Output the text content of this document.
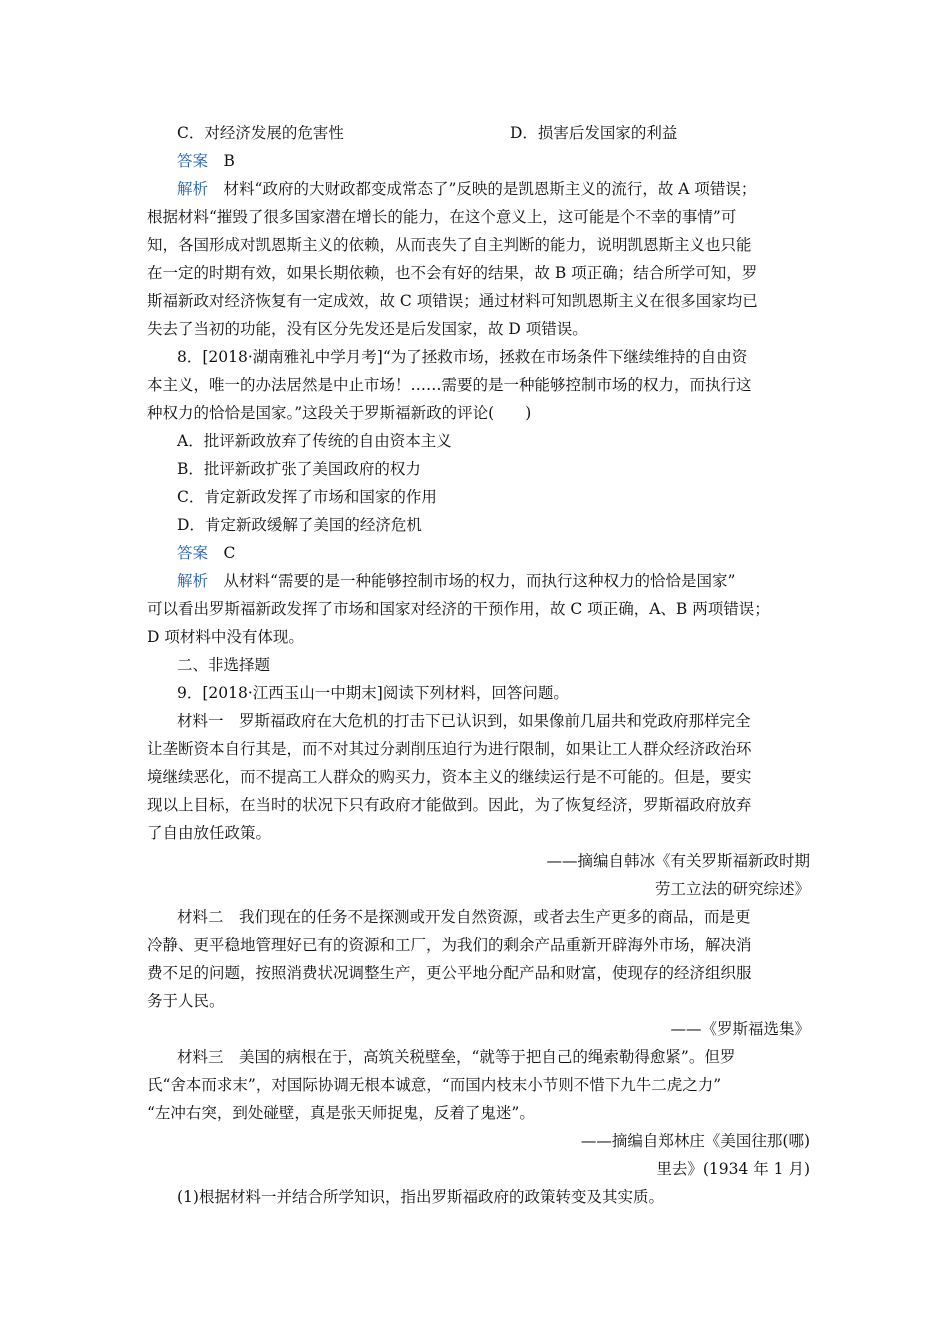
C．对经济发展的危害性	D．损害后发国家的利益
答案　 B
解析　 材料“政府的大财政都变成常态了”反映的是凯恩斯主义的流行，故 A 项错误；
根据材料“摧毁了很多国家潜在增长的能力，在这个意义上，这可能是个不幸的事情”可
知，各国形成对凯恩斯主义的依赖，从而丧失了自主判断的能力，说明凯恩斯主义也只能
在一定的时期有效，如果长期依赖，也不会有好的结果，故 B 项正确；结合所学可知，罗
斯福新政对经济恢复有一定成效，故 C 项错误；通过材料可知凯恩斯主义在很多国家均已
失去了当初的功能，没有区分先发还是后发国家，故 D 项错误。
8．[2018·湖南雅礼中学月考]“为了拯救市场，拯救在市场条件下继续维持的自由资
本主义，唯一的办法居然是中止市场！……需要的是一种能够控制市场的权力，而执行这
种权力的恰恰是国家。”这段关于罗斯福新政的评论(　　)
A．批评新政放弃了传统的自由资本主义
B．批评新政扩张了美国政府的权力
C．肯定新政发挥了市场和国家的作用
D．肯定新政缓解了美国的经济危机
答案　 C
解析　 从材料“需要的是一种能够控制市场的权力，而执行这种权力的恰恰是国家”
可以看出罗斯福新政发挥了市场和国家对经济的干预作用，故 C 项正确，A、B 两项错误；
D 项材料中没有体现。
二、非选择题
9．[2018·江西玉山一中期末]阅读下列材料，回答问题。
材料一　罗斯福政府在大危机的打击下已认识到，如果像前几届共和党政府那样完全
让垄断资本自行其是，而不对其过分剥削压迫行为进行限制，如果让工人群众经济政治环
境继续恶化，而不提高工人群众的购买力，资本主义的继续运行是不可能的。但是，要实
现以上目标，在当时的状况下只有政府才能做到。因此，为了恢复经济，罗斯福政府放弃
了自由放任政策。
——摘编自韩冰《有关罗斯福新政时期
劳工立法的研究综述》
材料二　我们现在的任务不是探测或开发自然资源，或者去生产更多的商品，而是更
冷静、更平稳地管理好已有的资源和工厂，为我们的剩余产品重新开辟海外市场，解决消
费不足的问题，按照消费状况调整生产，更公平地分配产品和财富，使现存的经济组织服
务于人民。
——《罗斯福选集》
材料三　美国的病根在于，高筑关税壁垒，“就等于把自己的绳索勒得愈紧”。但罗
氏“舍本而求末”，对国际协调无根本诚意，“而国内枝末小节则不惜下九牛二虎之力”
“左冲右突，到处碰壁，真是张天师捉鬼，反着了鬼迷”。
——摘编自郑林庄《美国往那(哪)
里去》(1934 年 1 月)
(1)根据材料一并结合所学知识，指出罗斯福政府的政策转变及其实质。
